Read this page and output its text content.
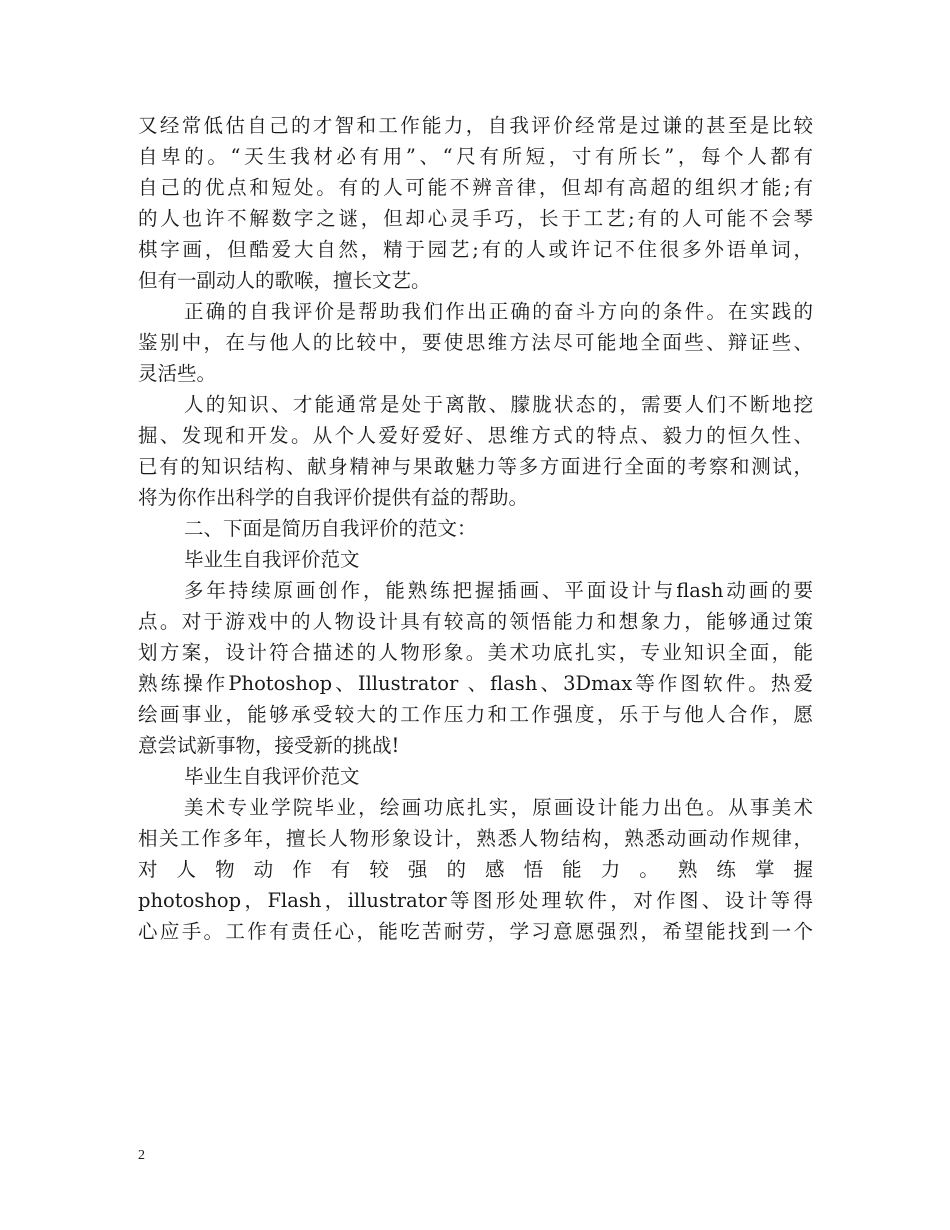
又经常低估自己的才智和工作能力，自我评价经常是过谦的甚至是比较
自卑的。“天生我材必有用”、“尺有所短，寸有所长”，每个人都有
自己的优点和短处。有的人可能不辨音律，但却有高超的组织才能;有
的人也许不解数字之谜，但却心灵手巧，长于工艺;有的人可能不会琴
棋字画，但酷爱大自然，精于园艺;有的人或许记不住很多外语单词，
但有一副动人的歌喉，擅长文艺。
正确的自我评价是帮助我们作出正确的奋斗方向的条件。在实践的
鉴别中，在与他人的比较中，要使思维方法尽可能地全面些、辩证些、
灵活些。
人的知识、才能通常是处于离散、朦胧状态的，需要人们不断地挖
掘、发现和开发。从个人爱好爱好、思维方式的特点、毅力的恒久性、
已有的知识结构、献身精神与果敢魅力等多方面进行全面的考察和测试，
将为你作出科学的自我评价提供有益的帮助。
二、下面是简历自我评价的范文：
毕业生自我评价范文
多年持续原画创作，能熟练把握插画、平面设计与flash动画的要
点。对于游戏中的人物设计具有较高的领悟能力和想象力，能够通过策
划方案，设计符合描述的人物形象。美术功底扎实，专业知识全面，能
熟练操作Photoshop、Illustrator 、flash、3Dmax等作图软件。热爱
绘画事业，能够承受较大的工作压力和工作强度，乐于与他人合作，愿
意尝试新事物，接受新的挑战!
毕业生自我评价范文
美术专业学院毕业，绘画功底扎实，原画设计能力出色。从事美术
相关工作多年，擅长人物形象设计，熟悉人物结构，熟悉动画动作规律，
对 人 物 动 作 有 较 强 的 感 悟 能 力 。 熟 练 掌 握
photoshop，Flash，illustrator等图形处理软件，对作图、设计等得
心应手。工作有责任心，能吃苦耐劳，学习意愿强烈，希望能找到一个
2
